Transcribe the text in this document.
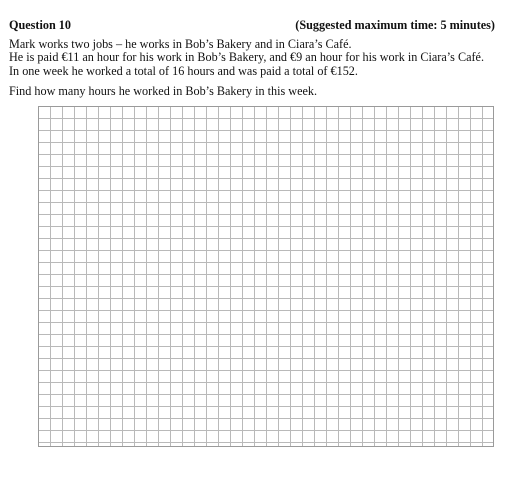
Question 10	(Suggested maximum time: 5 minutes)

Mark works two jobs – he works in Bob’s Bakery and in Ciara’s Café.

He is paid €11 an hour for his work in Bob’s Bakery, and €9 an hour for his work in Ciara’s Café.

In one week he worked a total of 16 hours and was paid a total of €152.

Find how many hours he worked in Bob’s Bakery in this week.
